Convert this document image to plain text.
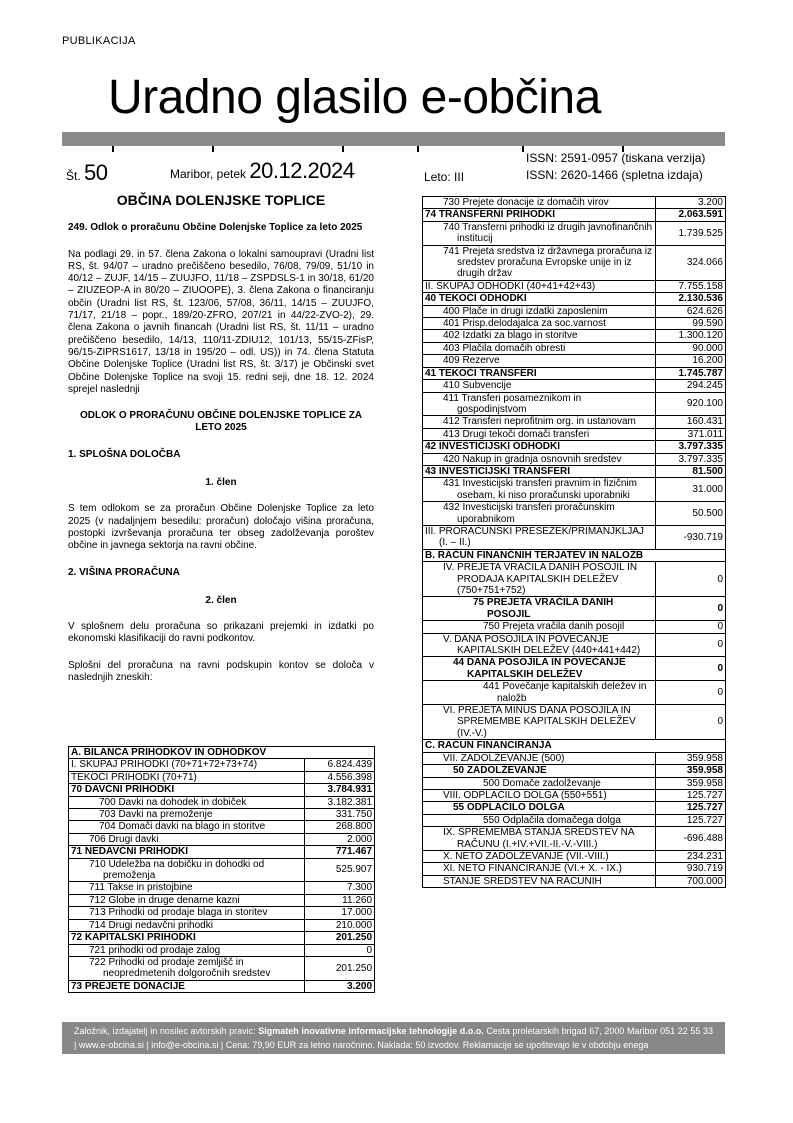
PUBLIKACIJA
Uradno glasilo e-občina
Št. 50	Maribor, petek 20.12.2024	Leto: III
ISSN: 2591-0957 (tiskana verzija)
ISSN: 2620-1466 (spletna izdaja)

OBČINA DOLENJSKE TOPLICE

249. Odlok o proračunu Občine Dolenjske Toplice za leto 2025

Na podlagi 29. in 57. člena Zakona o lokalni samoupravi (Uradni list RS, št. 94/07 – uradno prečiščeno besedilo, 76/08, 79/09, 51/10 in 40/12 – ZUJF, 14/15 – ZUUJFO, 11/18 – ZSPDSLS-1 in 30/18, 61/20 – ZIUZEOP-A in 80/20 – ZIUOOPE), 3. člena Zakona o financiranju občin (Uradni list RS, št. 123/06, 57/08, 36/11, 14/15 – ZUUJFO, 71/17, 21/18 – popr., 189/20-ZFRO, 207/21 in 44/22-ZVO-2), 29. člena Zakona o javnih financah (Uradni list RS, št. 11/11 – uradno prečiščeno besedilo, 14/13, 110/11-ZDIU12, 101/13, 55/15-ZFisP, 96/15-ZIPRS1617, 13/18 in 195/20 – odl. US)) in 74. člena Statuta Občine Dolenjske Toplice (Uradni list RS, št. 3/17) je Občinski svet Občine Dolenjske Toplice na svoji 15. redni seji, dne 18. 12. 2024 sprejel naslednji

ODLOK O PRORAČUNU OBČINE DOLENJSKE TOPLICE ZA LETO 2025

1. SPLOŠNA DOLOČBA

1. člen

S tem odlokom se za proračun Občine Dolenjske Toplice za leto 2025 (v nadaljnjem besedilu: proračun) določajo višina proračuna, postopki izvrševanja proračuna ter obseg zadolževanja poroštev občine in javnega sektorja na ravni občine.

2. VIŠINA PRORAČUNA

2. člen

V splošnem delu proračuna so prikazani prejemki in izdatki po ekonomski klasifikaciji do ravni podkontov.

Splošni del proračuna na ravni podskupin kontov se določa v naslednjih zneskih:

A. BILANCA PRIHODKOV IN ODHODKOV	
I. SKUPAJ PRIHODKI (70+71+72+73+74)	6.824.439
TEKOČI PRIHODKI (70+71)	4.556.398
70 DAVČNI PRIHODKI	3.784.931
700 Davki na dohodek in dobiček	3.182.381
703 Davki na premoženje	331.750
704 Domači davki na blago in storitve	268.800
706 Drugi davki	2.000
71 NEDAVČNI PRIHODKI	771.467

710 Udeležba na dobičku in dohodki od premoženja	525.907
711 Takse in pristojbine	7.300
712 Globe in druge denarne kazni	11.260
713 Prihodki od prodaje blaga in storitev	17.000
714 Drugi nedavčni prihodki	210.000
72 KAPITALSKI PRIHODKI	201.250
721 prihodki od prodaje zalog	0

722 Prihodki od prodaje zemljišč in neopredmetenih dolgoročnih sredstev	201.250
73 PREJETE DONACIJE	3.200
730 Prejete donacije iz domačih virov	3.200
74 TRANSFERNI PRIHODKI	2.063.591

740 Transferni prihodki iz drugih javnofinančnih institucij	1.739.525

741 Prejeta sredstva iz državnega proračuna iz sredstev proračuna Evropske unije in iz drugih držav	324.066
II. SKUPAJ ODHODKI (40+41+42+43)	7.755.158
40 TEKOČI ODHODKI	2.130.536
400 Plače in drugi izdatki zaposlenim	624.626
401 Prisp.delodajalca za soc.varnost	99.590
402 Izdatki za blago in storitve	1.300.120
403 Plačila domačih obresti	90.000
409 Rezerve	16.200
41 TEKOČI TRANSFERI	1.745.787
410 Subvencije	294.245

411 Transferi posameznikom in gospodinjstvom	920.100

412 Transferi neprofitnim org. in ustanovam	160.431
413 Drugi tekoči domači transferi	371.011
42 INVESTICIJSKI ODHODKI	3.797.335
420 Nakup in gradnja osnovnih sredstev	3.797.335
43 INVESTICIJSKI TRANSFERI	81.500

431 Investicijski transferi pravnim in fizičnim osebam, ki niso proračunski uporabniki	31.000

432 Investicijski transferi proračunskim uporabnikom	50.500

III. PRORAČUNSKI PRESEŽEK/PRIMANJKLJAJ (I. – II.)	-930.719
B. RAČUN FINANČNIH TERJATEV IN NALOŽB	

IV. PREJETA VRAČILA DANIH POSOJIL IN PRODAJA KAPITALSKIH DELEŽEV (750+751+752)	0

75 PREJETA VRAČILA DANIH POSOJIL	0
750 Prejeta vračila danih posojil	0

V. DANA POSOJILA IN POVEČANJE KAPITALSKIH DELEŽEV (440+441+442)	0

44 DANA POSOJILA IN POVEČANJE KAPITALSKIH DELEŽEV	0

441 Povečanje kapitalskih deležev in naložb	0

VI. PREJETA MINUS DANA POSOJILA IN SPREMEMBE KAPITALSKIH DELEŽEV (IV.-V.)	0
C. RAČUN FINANCIRANJA	
VII. ZADOLŽEVANJE (500)	359.958
50 ZADOLŽEVANJE	359.958
500 Domače zadolževanje	359.958
VIII. ODPLAČILO DOLGA (550+551)	125.727
55 ODPLAČILO DOLGA	125.727
550 Odplačila domačega dolga	125.727

IX. SPREMEMBA STANJA SREDSTEV NA RAČUNU (I.+IV.+VII.-II.-V.-VIII.)	-696.488
X. NETO ZADOLŽEVANJE (VII.-VIII.)	234.231
XI. NETO FINANCIRANJE (VI.+ X. - IX.)	930.719
STANJE SREDSTEV NA RAČUNIH	700.000
Založnik, izdajatelj in nosilec avtorskih pravic: Sigmateh inovativne informacijske tehnologije d.o.o. Cesta proletarskih brigad 67, 2000 Maribor 051 22 55 33 | www.e-obcina.si | info@e-obcina.si | Cena: 79,90 EUR za letno naročnino. Naklada: 50 izvodov. Reklamacije se upoštevajo le v obdobju enega
